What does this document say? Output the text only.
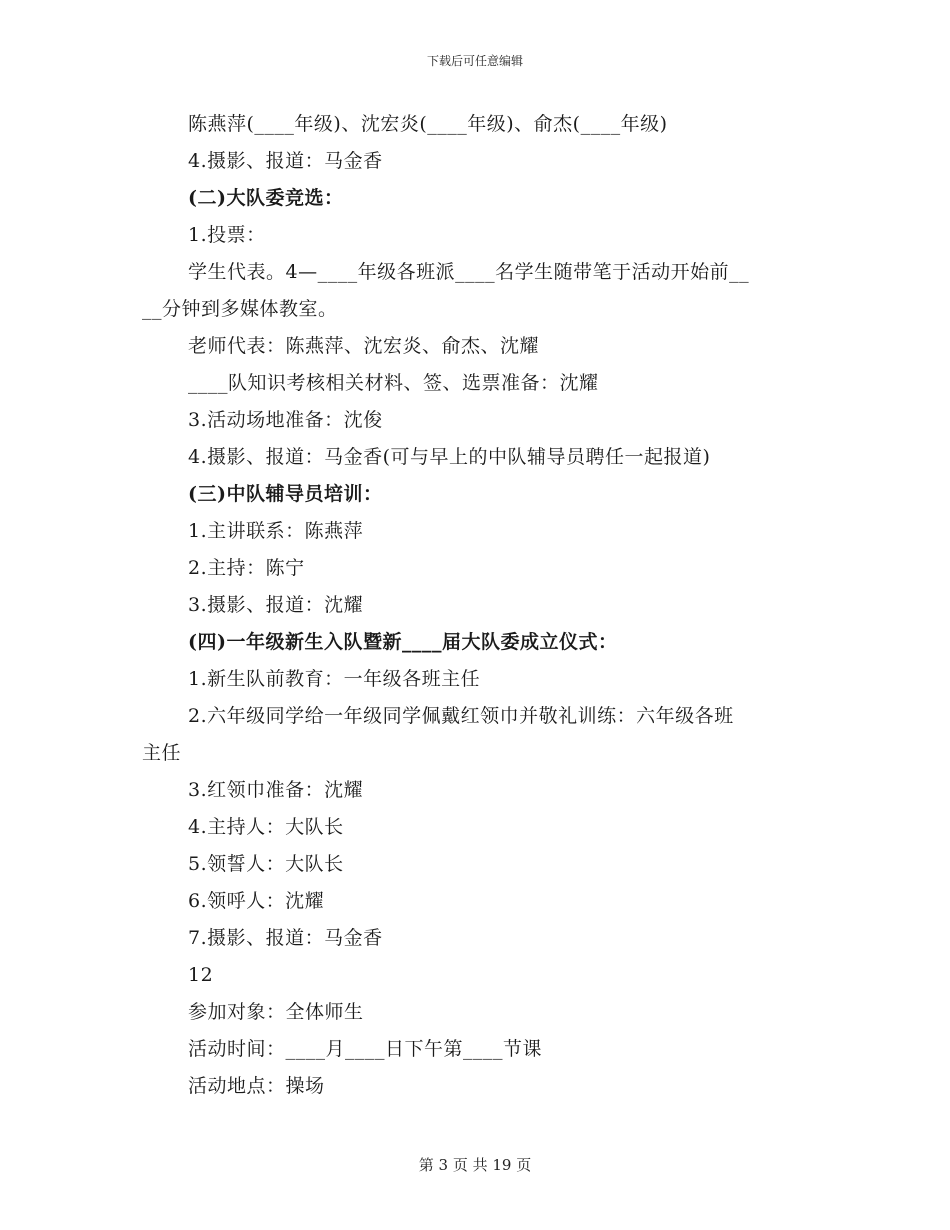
下载后可任意编辑
陈燕萍(____年级)、沈宏炎(____年级)、俞杰(____年级)
4.摄影、报道：马金香
(二)大队委竞选：
1.投票：
学生代表。4—____年级各班派____名学生随带笔于活动开始前__
__分钟到多媒体教室。
老师代表：陈燕萍、沈宏炎、俞杰、沈耀
____队知识考核相关材料、签、选票准备：沈耀
3.活动场地准备：沈俊
4.摄影、报道：马金香(可与早上的中队辅导员聘任一起报道)
(三)中队辅导员培训：
1.主讲联系：陈燕萍
2.主持：陈宁
3.摄影、报道：沈耀
(四)一年级新生入队暨新____届大队委成立仪式：
1.新生队前教育：一年级各班主任
2.六年级同学给一年级同学佩戴红领巾并敬礼训练：六年级各班
主任
3.红领巾准备：沈耀
4.主持人：大队长
5.领誓人：大队长
6.领呼人：沈耀
7.摄影、报道：马金香
12
参加对象：全体师生
活动时间：____月____日下午第____节课
活动地点：操场
第 3 页 共 19 页
